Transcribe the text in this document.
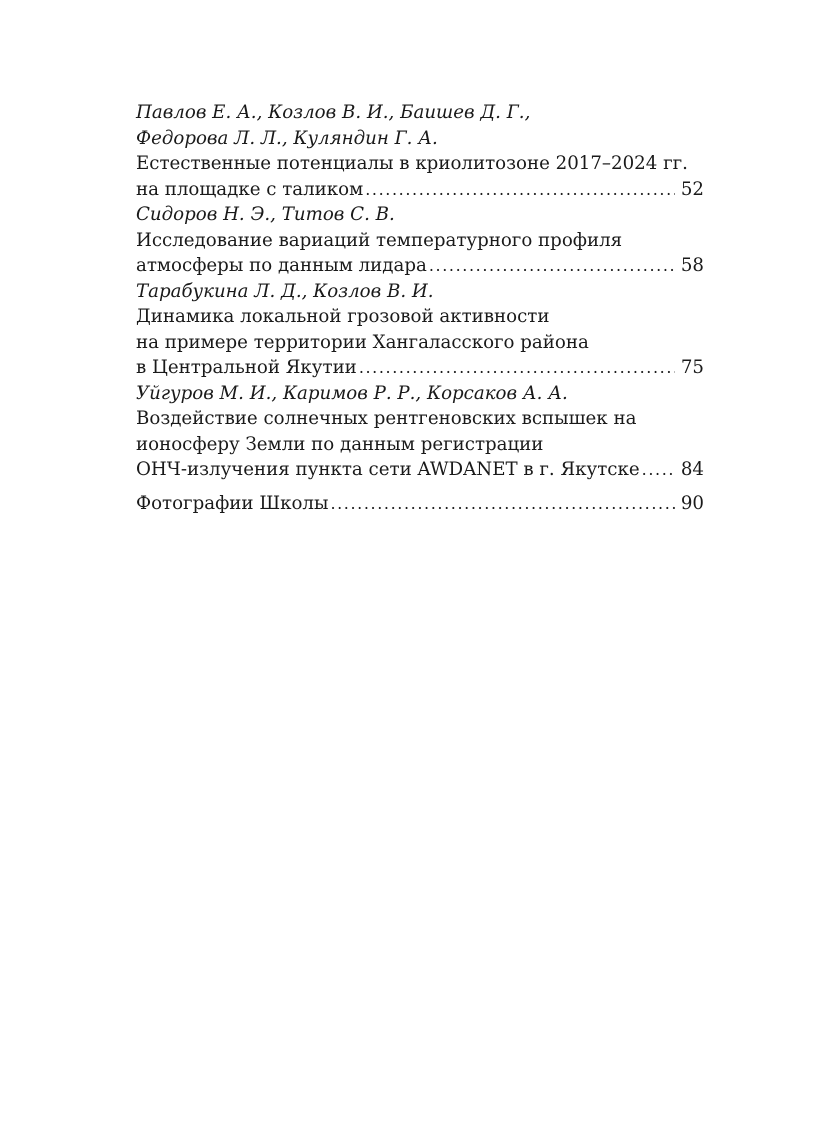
Павлов Е. А., Козлов В. И., Баишев Д. Г.,
Федорова Л. Л., Куляндин Г. А.
Естественные потенциалы в криолитозоне 2017–2024 гг.
на площадке с таликом .....	52
Сидоров Н. Э., Титов С. В.
Исследование вариаций температурного профиля
атмосферы по данным лидара .....	58
Тарабукина Л. Д., Козлов В. И.
Динамика локальной грозовой активности
на примере территории Хангаласского района
в Центральной Якутии .....	75
Уйгуров М. И., Каримов Р. Р., Корсаков А. А.
Воздействие солнечных рентгеновских вспышек на
ионосферу Земли по данным регистрации
ОНЧ-излучения пункта сети AWDANET в г. Якутске ..... 84
Фотографии Школы .....	90
